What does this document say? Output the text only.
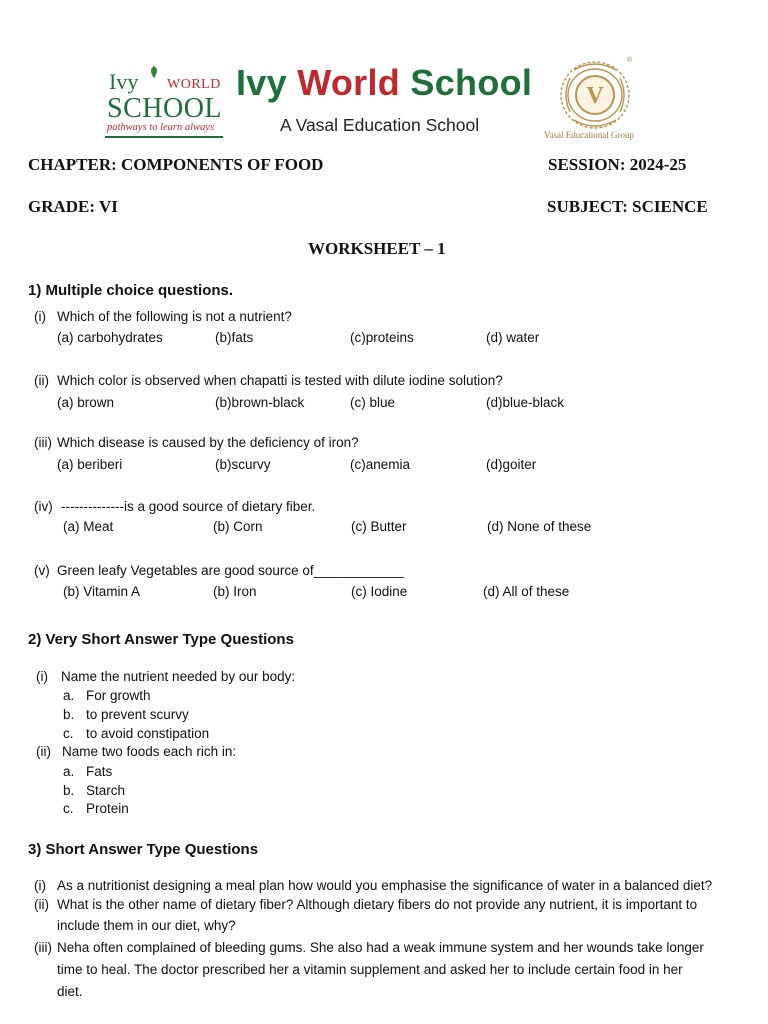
Ivy WORLD
SCHOOL
pathways to learn always
Ivy World School
A Vasal Education School
V
®
Vasal Educational Group
CHAPTER: COMPONENTS OF FOOD	SESSION: 2024-25
GRADE: VI	SUBJECT: SCIENCE
WORKSHEET – 1
1) Multiple choice questions.
(i) Which of the following is not a nutrient?
(a) carbohydrates	(b)fats	(c)proteins	(d) water
(ii) Which color is observed when chapatti is tested with dilute iodine solution?
(a) brown	(b)brown-black	(c) blue	(d)blue-black
(iii) Which disease is caused by the deficiency of iron?
(a) beriberi	(b)scurvy	(c)anemia	(d)goiter
(iv) --------------is a good source of dietary fiber.
(a) Meat	(b) Corn	(c) Butter	(d) None of these
(v) Green leafy Vegetables are good source of____________
(b) Vitamin A	(b) Iron	(c) Iodine	(d) All of these
2) Very Short Answer Type Questions
(i) Name the nutrient needed by our body:
a. For growth
b. to prevent scurvy
c. to avoid constipation
(ii) Name two foods each rich in:
a. Fats
b. Starch
c. Protein
3) Short Answer Type Questions
(i) As a nutritionist designing a meal plan how would you emphasise the significance of water in a balanced diet?
(ii) What is the other name of dietary fiber? Although dietary fibers do not provide any nutrient, it is important to
include them in our diet, why?
(iii) Neha often complained of bleeding gums. She also had a weak immune system and her wounds take longer
time to heal. The doctor prescribed her a vitamin supplement and asked her to include certain food in her
diet.
